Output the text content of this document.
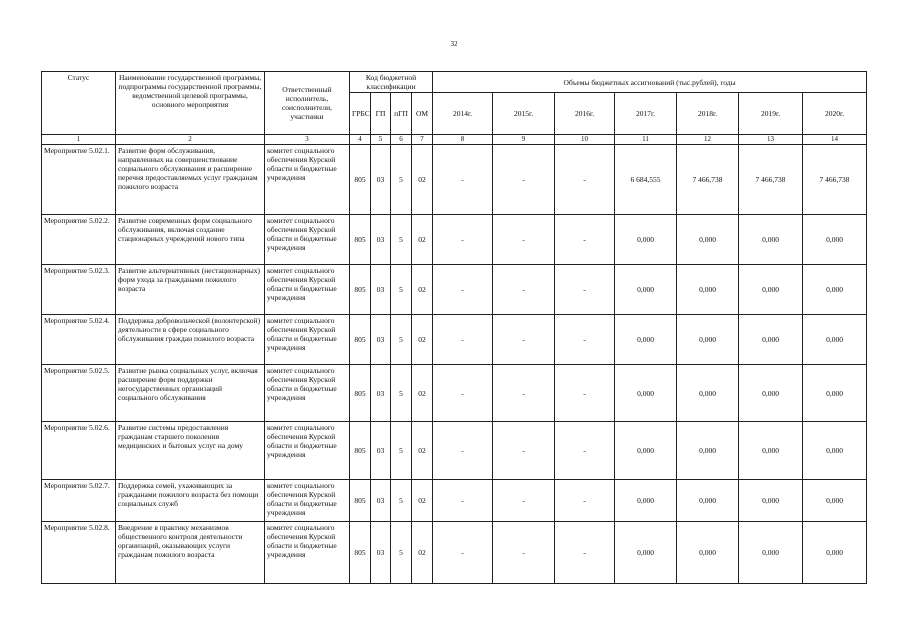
32
Статус	Наименование государственной программы, подпрограммы государственной программы, ведомственной целевой программы, основного мероприятия	Ответственный исполнитель, соисполнители, участники	Код бюджетной классификации				Объемы бюджетных ассигнований (тыс.рублей), годы						
			ГРБС	ГП	пГП	ОМ	2014г.	2015г.	2016г.	2017г.	2018г.	2019г.	2020г.
1	2	3	4	5	6	7	8	9	10	11	12	13	14
Мероприятие 5.02.1.	Развитие форм обслуживания, направленных на совершенствование социального обслуживания и расширение перечня предоставляемых услуг гражданам пожилого возраста	комитет социального обеспечения Курской области и бюджетные учреждения	805	03	5	02	-	-	-	6 684,555	7 466,738	7 466,738	7 466,738
Мероприятие 5.02.2.	Развитие современных форм социального обслуживания, включая создание стационарных учреждений нового типа	комитет социального обеспечения Курской области и бюджетные учреждения	805	03	5	02	-	-	-	0,000	0,000	0,000	0,000
Мероприятие 5.02.3.	Развитие альтернативных (нестационарных) форм ухода за гражданами пожилого возраста	комитет социального обеспечения Курской области и бюджетные учреждения	805	03	5	02	-	-	-	0,000	0,000	0,000	0,000
Мероприятие 5.02.4.	Поддержка добровольческой (волонтерской) деятельности в сфере социального обслуживания граждан пожилого возраста	комитет социального обеспечения Курской области и бюджетные учреждения	805	03	5	02	-	-	-	0,000	0,000	0,000	0,000
Мероприятие 5.02.5.	Развитие рынка социальных услуг, включая расширение форм поддержки негосударственных организаций социального обслуживания	комитет социального обеспечения Курской области и бюджетные учреждения	805	03	5	02	-	-	-	0,000	0,000	0,000	0,000
Мероприятие 5.02.6.	Развитие системы предоставления гражданам старшего поколения медицинских и бытовых услуг на дому	комитет социального обеспечения Курской области и бюджетные учреждения	805	03	5	02	-	-	-	0,000	0,000	0,000	0,000
Мероприятие 5.02.7.	Поддержка семей, ухаживающих за гражданами пожилого возраста без помощи социальных служб	комитет социального обеспечения Курской области и бюджетные учреждения	805	03	5	02	-	-	-	0,000	0,000	0,000	0,000
Мероприятие 5.02.8.	Внедрение в практику механизмов общественного контроля деятельности организаций, оказывающих услуги гражданам пожилого возраста	комитет социального обеспечения Курской области и бюджетные учреждения	805	03	5	02	-	-	-	0,000	0,000	0,000	0,000
